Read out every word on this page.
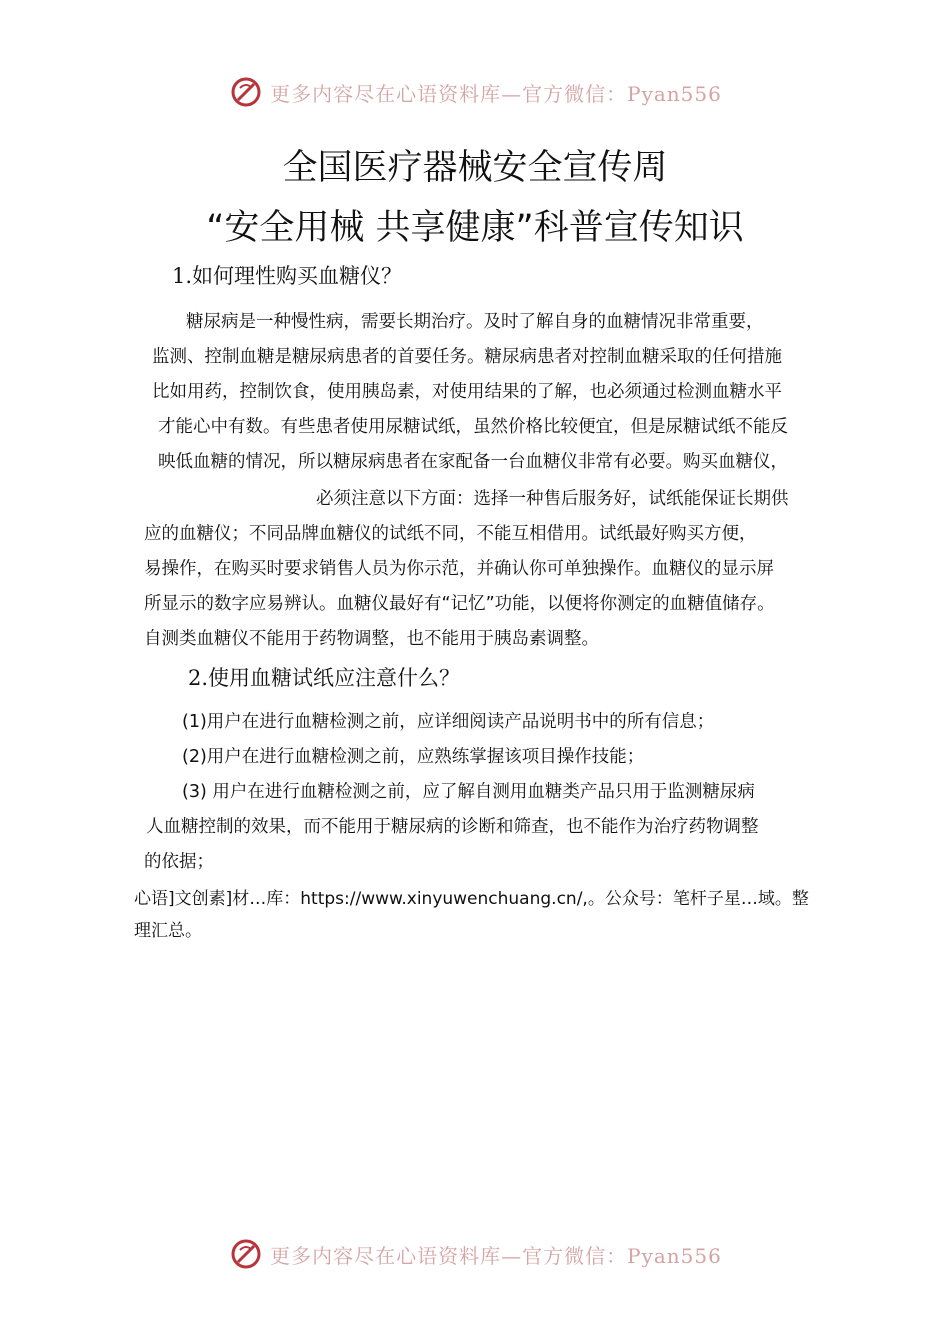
更多内容尽在心语资料库—官方微信：Pyan556
全国医疗器械安全宣传周
“安全用械 共享健康”科普宣传知识
1.如何理性购买血糖仪？
糖尿病是一种慢性病，需要长期治疗。及时了解自身的血糖情况非常重要，
监测、控制血糖是糖尿病患者的首要任务。糖尿病患者对控制血糖采取的任何措施
比如用药，控制饮食，使用胰岛素，对使用结果的了解，也必须通过检测血糖水平
才能心中有数。有些患者使用尿糖试纸，虽然价格比较便宜，但是尿糖试纸不能反
映低血糖的情况，所以糖尿病患者在家配备一台血糖仪非常有必要。购买血糖仪，
必须注意以下方面：选择一种售后服务好，试纸能保证长期供
应的血糖仪；不同品牌血糖仪的试纸不同，不能互相借用。试纸最好购买方便，
易操作，在购买时要求销售人员为你示范，并确认你可单独操作。血糖仪的显示屏
所显示的数字应易辨认。血糖仪最好有“记忆”功能，以便将你测定的血糖值储存。
自测类血糖仪不能用于药物调整，也不能用于胰岛素调整。
2.使用血糖试纸应注意什么？
(1)用户在进行血糖检测之前，应详细阅读产品说明书中的所有信息；
(2)用户在进行血糖检测之前，应熟练掌握该项目操作技能；
(3) 用户在进行血糖检测之前，应了解自测用血糖类产品只用于监测糖尿病
人血糖控制的效果，而不能用于糖尿病的诊断和筛查，也不能作为治疗药物调整
的依据；
心语]文创素]材…库：https://www.xinyuwenchuang.cn/,。公众号：笔杆子星…域。整
理汇总。
更多内容尽在心语资料库—官方微信：Pyan556
